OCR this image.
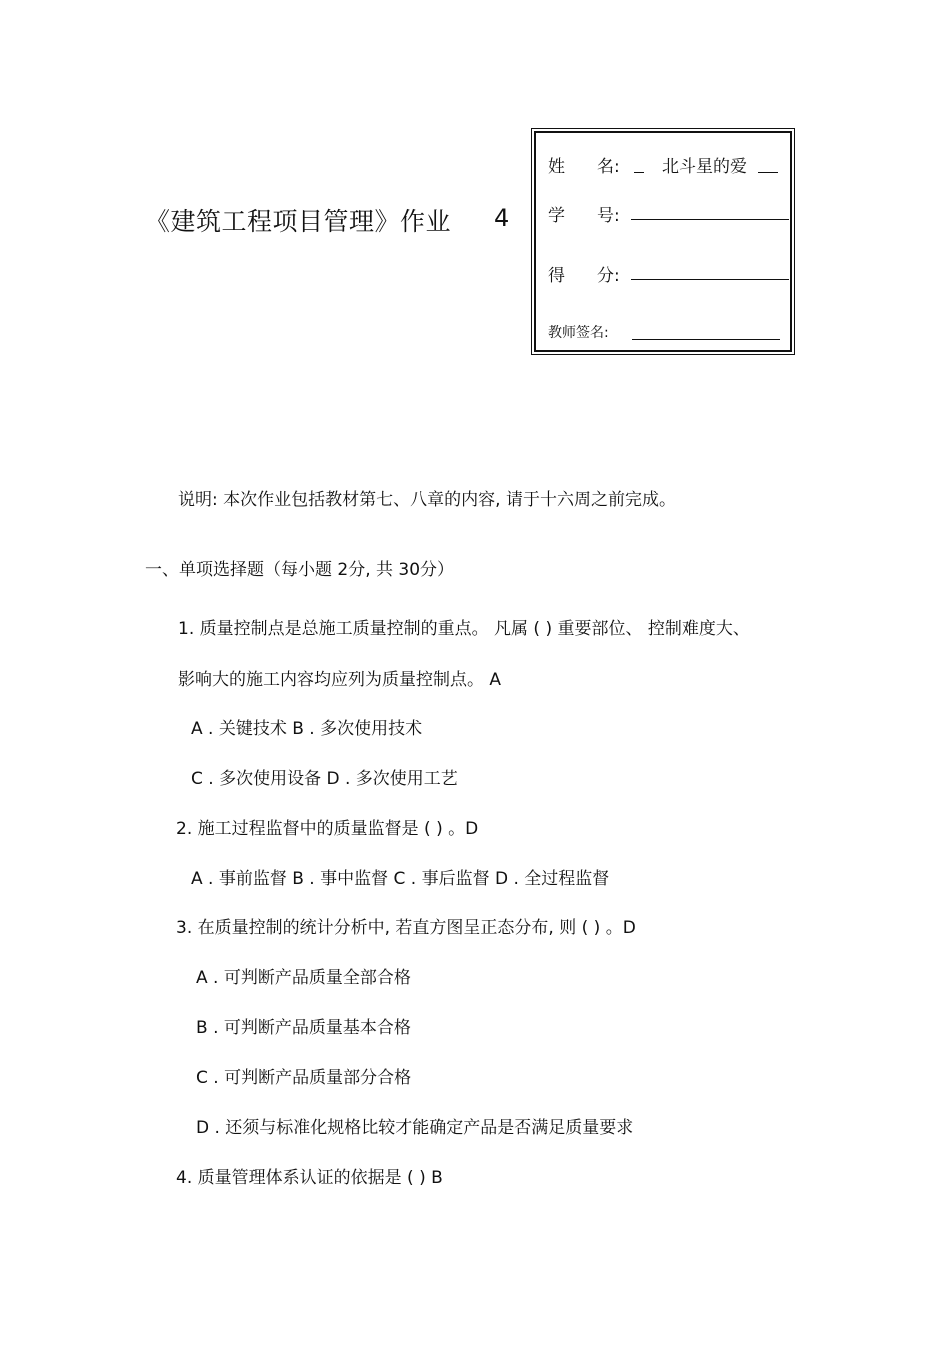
《建筑工程项目管理》作业 4
姓 名: 北斗星的爱
学 号:
得 分:
教师签名:
说明: 本次作业包括教材第七、八章的内容, 请于十六周之前完成。
一、单项选择题（每小题 2分, 共 30分）
1. 质量控制点是总施工质量控制的重点。 凡属 ( ) 重要部位、 控制难度大、
影响大的施工内容均应列为质量控制点。 A
A . 关键技术 B . 多次使用技术
C . 多次使用设备 D . 多次使用工艺
2. 施工过程监督中的质量监督是 ( ) 。D
A . 事前监督 B . 事中监督 C . 事后监督 D . 全过程监督
3. 在质量控制的统计分析中, 若直方图呈正态分布, 则 ( ) 。D
A . 可判断产品质量全部合格
B . 可判断产品质量基本合格
C . 可判断产品质量部分合格
D . 还须与标准化规格比较才能确定产品是否满足质量要求
4. 质量管理体系认证的依据是 ( ) B
